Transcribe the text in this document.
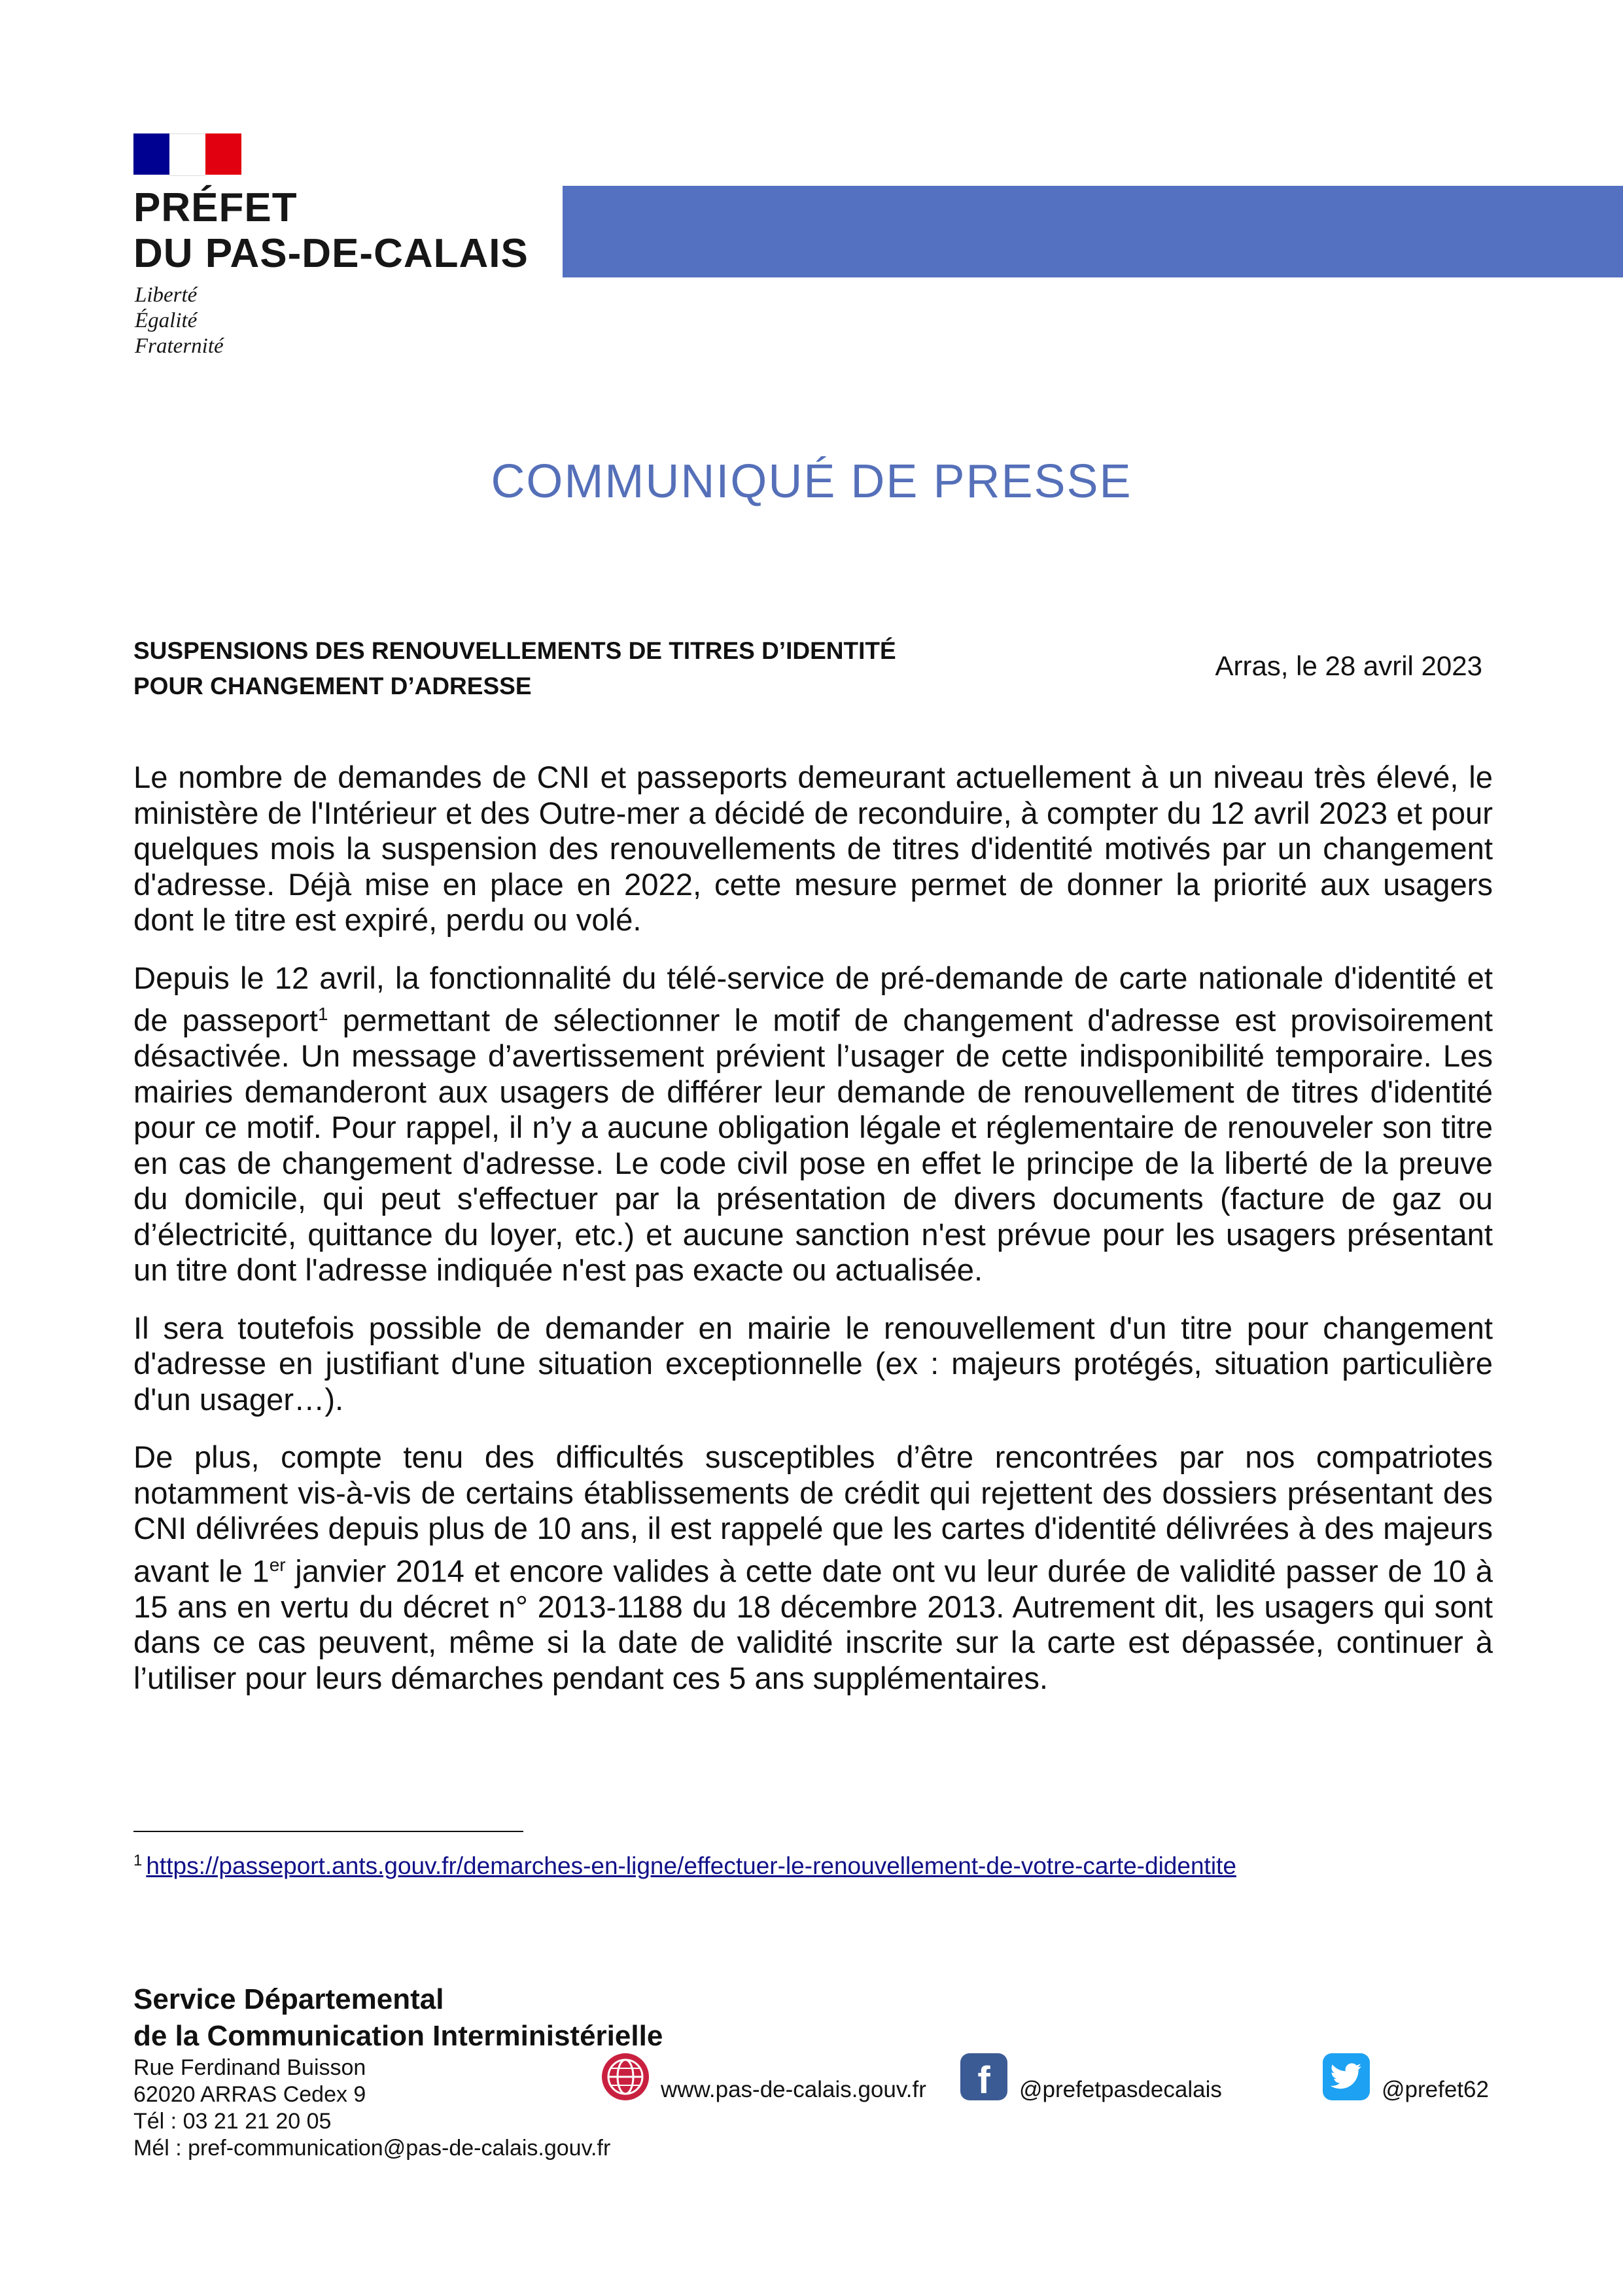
PRÉFET
DU PAS-DE-CALAIS
Liberté
Égalité
Fraternité
COMMUNIQUÉ DE PRESSE
SUSPENSIONS DES RENOUVELLEMENTS DE TITRES D’IDENTITÉ
POUR CHANGEMENT D’ADRESSE
Arras, le 28 avril 2023

Le nombre de demandes de CNI et passeports demeurant actuellement à un niveau très élevé, le ministère de l'Intérieur et des Outre-mer a décidé de reconduire, à compter du 12 avril 2023 et pour quelques mois la suspension des renouvellements de titres d'identité motivés par un changement d'adresse. Déjà mise en place en 2022, cette mesure permet de donner la priorité aux usagers dont le titre est expiré, perdu ou volé.

Depuis le 12 avril, la fonctionnalité du télé-service de pré-demande de carte nationale d'identité et de passeport$^1$ permettant de sélectionner le motif de changement d'adresse est provisoirement désactivée. Un message d’avertissement prévient l’usager de cette indisponibilité temporaire. Les mairies demanderont aux usagers de différer leur demande de renouvellement de titres d'identité pour ce motif. Pour rappel, il n’y a aucune obligation légale et réglementaire de renouveler son titre en cas de changement d'adresse. Le code civil pose en effet le principe de la liberté de la preuve du domicile, qui peut s'effectuer par la présentation de divers documents (facture de gaz ou d’électricité, quittance du loyer, etc.) et aucune sanction n'est prévue pour les usagers présentant un titre dont l'adresse indiquée n'est pas exacte ou actualisée.

Il sera toutefois possible de demander en mairie le renouvellement d'un titre pour changement d'adresse en justifiant d'une situation exceptionnelle (ex : majeurs protégés, situation particulière d'un usager…).

De plus, compte tenu des difficultés susceptibles d’être rencontrées par nos compatriotes notamment vis-à-vis de certains établissements de crédit qui rejettent des dossiers présentant des CNI délivrées depuis plus de 10 ans, il est rappelé que les cartes d'identité délivrées à des majeurs avant le 1er janvier 2014 et encore valides à cette date ont vu leur durée de validité passer de 10 à 15 ans en vertu du décret n° 2013-1188 du 18 décembre 2013. Autrement dit, les usagers qui sont dans ce cas peuvent, même si la date de validité inscrite sur la carte est dépassée, continuer à l’utiliser pour leurs démarches pendant ces 5 ans supplémentaires.

$^1$ https://passeport.ants.gouv.fr/demarches-en-ligne/effectuer-le-renouvellement-de-votre-carte-didentite
Service Départemental
de la Communication Interministérielle
Rue Ferdinand Buisson
62020 ARRAS Cedex 9
Tél : 03 21 21 20 05
Mél : pref-communication@pas-de-calais.gouv.fr
www.pas-de-calais.gouv.fr f @prefetpasdecalais	@prefet62
